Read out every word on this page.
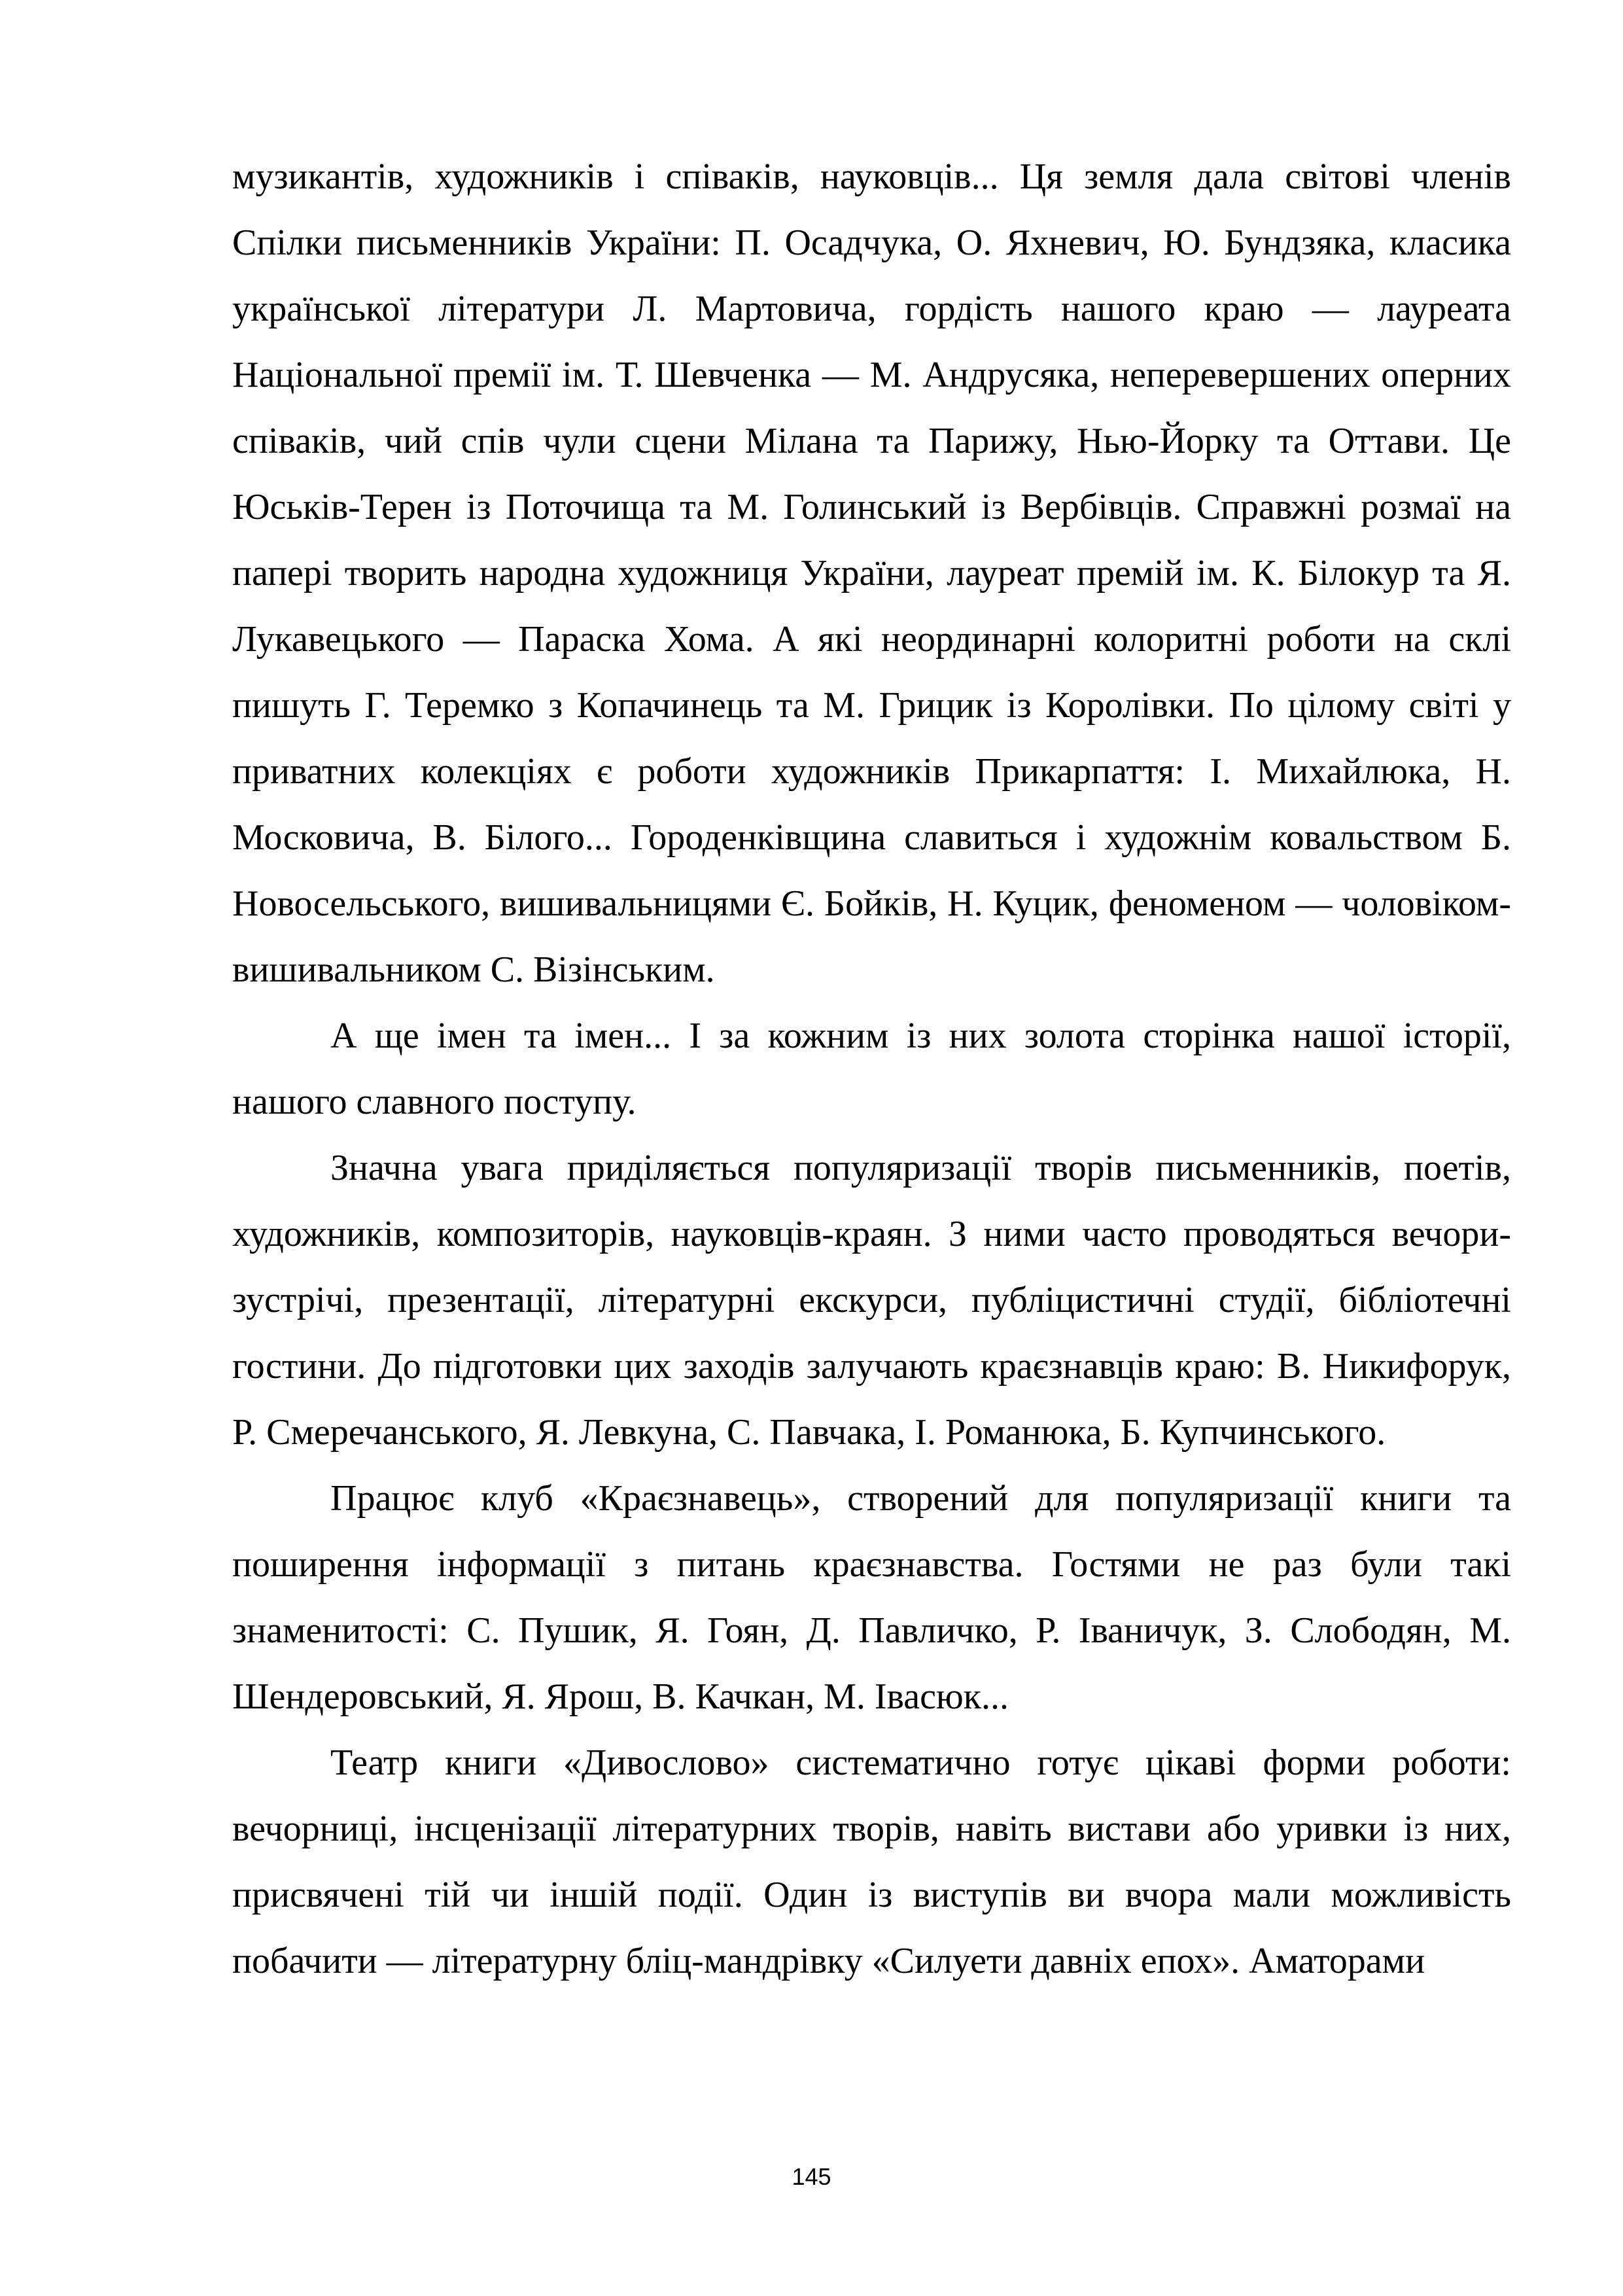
музикантів, художників і співаків, науковців... Ця земля дала світові членів Спілки письменників України: П. Осадчука, О. Яхневич, Ю. Бундзяка, класика української літератури Л. Мартовича, гордість нашого краю — лауреата Національної премії ім. Т. Шевченка — М. Андрусяка, неперевершених оперних співаків, чий спів чули сцени Мілана та Парижу, Нью-Йорку та Оттави. Це Юськів-Терен із Поточища та М. Голинський із Вербівців. Справжні розмаї на папері творить народна художниця України, лауреат премій ім. К. Білокур та Я. Лукавецького — Параска Хома. А які неординарні колоритні роботи на склі пишуть Г. Теремко з Копачинець та М. Грицик із Королівки. По цілому світі у приватних колекціях є роботи художників Прикарпаття: І. Михайлюка, Н. Московича, В. Білого... Городенківщина славиться і художнім ковальством Б. Новосельського, вишивальницями Є. Бойків, Н. Куцик, феноменом — чоловіком-вишивальником С. Візінським.

А ще імен та імен... І за кожним із них золота сторінка нашої історії, нашого славного поступу.

Значна увага приділяється популяризації творів письменників, поетів, художників, композиторів, науковців-краян. З ними часто проводяться вечори-зустрічі, презентації, літературні екскурси, публіцистичні студії, бібліотечні гостини. До підготовки цих заходів залучають краєзнавців краю: В. Никифорук, Р. Смеречанського, Я. Левкуна, С. Павчака, І. Романюка, Б. Купчинського.

Працює клуб «Краєзнавець», створений для популяризації книги та поширення інформації з питань краєзнавства. Гостями не раз були такі знаменитості: С. Пушик, Я. Гоян, Д. Павличко, Р. Іваничук, З. Слободян, М. Шендеровський, Я. Ярош, В. Качкан, М. Івасюк...

Театр книги «Дивослово» систематично готує цікаві форми роботи: вечорниці, інсценізації літературних творів, навіть вистави або уривки із них, присвячені тій чи іншій події. Один із виступів ви вчора мали можливість побачити — літературну бліц-мандрівку «Силуети давніх епох». Аматорами

145
